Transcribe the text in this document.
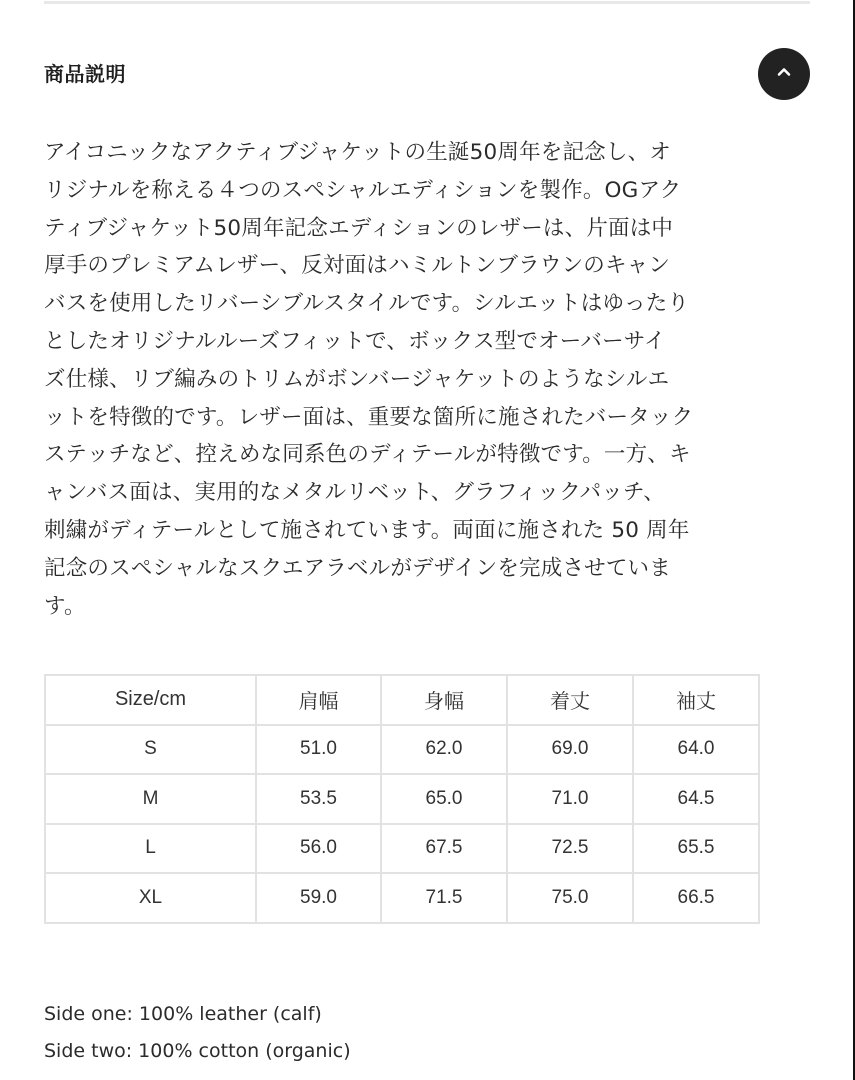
商品説明
アイコニックなアクティブジャケットの生誕50周年を記念し、オ
リジナルを称える４つのスペシャルエディションを製作。OGアク
ティブジャケット50周年記念エディションのレザーは、片面は中
厚手のプレミアムレザー、反対面はハミルトンブラウンのキャン
バスを使用したリバーシブルスタイルです。シルエットはゆったり
としたオリジナルルーズフィットで、ボックス型でオーバーサイ
ズ仕様、リブ編みのトリムがボンバージャケットのようなシルエ
ットを特徴的です。レザー面は、重要な箇所に施されたバータック
ステッチなど、控えめな同系色のディテールが特徴です。一方、キ
ャンバス面は、実用的なメタルリベット、グラフィックパッチ、
刺繍がディテールとして施されています。両面に施された 50 周年
記念のスペシャルなスクエアラベルがデザインを完成させていま
す。
Size/cm	肩幅	身幅	着丈	袖丈
S	51.0	62.0	69.0	64.0
M	53.5	65.0	71.0	64.5
L	56.0	67.5	72.5	65.5
XL	59.0	71.5	75.0	66.5
Side one: 100% leather (calf)
Side two: 100% cotton (organic)
